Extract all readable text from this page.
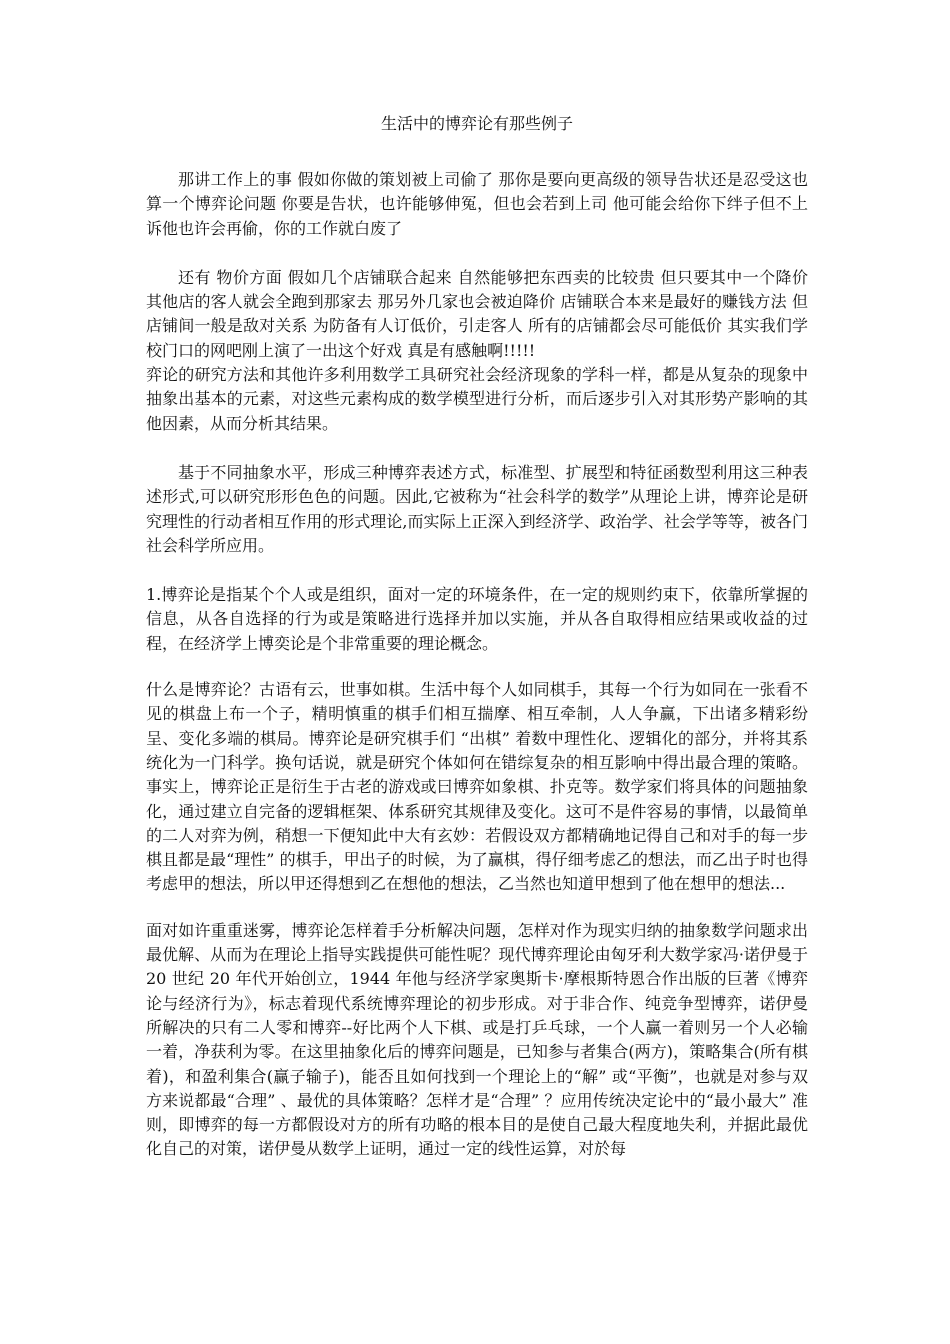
生活中的博弈论有那些例子

那讲工作上的事 假如你做的策划被上司偷了 那你是要向更高级的领导告状还是忍受这也算一个博弈论问题 你要是告状，也许能够伸冤，但也会若到上司 他可能会给你下绊子但不上诉他也许会再偷，你的工作就白废了

还有 物价方面 假如几个店铺联合起来 自然能够把东西卖的比较贵 但只要其中一个降价 其他店的客人就会全跑到那家去 那另外几家也会被迫降价 店铺联合本来是最好的赚钱方法 但店铺间一般是敌对关系 为防备有人订低价，引走客人 所有的店铺都会尽可能低价 其实我们学校门口的网吧刚上演了一出这个好戏 真是有感触啊!!!!!

弈论的研究方法和其他许多利用数学工具研究社会经济现象的学科一样，都是从复杂的现象中抽象出基本的元素，对这些元素构成的数学模型进行分析，而后逐步引入对其形势产影响的其他因素，从而分析其结果。

基于不同抽象水平，形成三种博弈表述方式，标准型、扩展型和特征函数型利用这三种表述形式,可以研究形形色色的问题。因此,它被称为“社会科学的数学”从理论上讲，博弈论是研究理性的行动者相互作用的形式理论,而实际上正深入到经济学、政治学、社会学等等，被各门社会科学所应用。

1.博弈论是指某个个人或是组织，面对一定的环境条件，在一定的规则约束下，依靠所掌握的信息，从各自选择的行为或是策略进行选择并加以实施，并从各自取得相应结果或收益的过程，在经济学上博奕论是个非常重要的理论概念。

什么是博弈论？古语有云，世事如棋。生活中每个人如同棋手，其每一个行为如同在一张看不见的棋盘上布一个子，精明慎重的棋手们相互揣摩、相互牵制，人人争赢，下出诸多精彩纷呈、变化多端的棋局。博弈论是研究棋手们 “出棋” 着数中理性化、逻辑化的部分，并将其系统化为一门科学。换句话说，就是研究个体如何在错综复杂的相互影响中得出最合理的策略。事实上，博弈论正是衍生于古老的游戏或曰博弈如象棋、扑克等。数学家们将具体的问题抽象化，通过建立自完备的逻辑框架、体系研究其规律及变化。这可不是件容易的事情，以最简单的二人对弈为例，稍想一下便知此中大有玄妙：若假设双方都精确地记得自己和对手的每一步棋且都是最“理性” 的棋手，甲出子的时候，为了赢棋，得仔细考虑乙的想法，而乙出子时也得考虑甲的想法，所以甲还得想到乙在想他的想法，乙当然也知道甲想到了他在想甲的想法...

面对如许重重迷雾，博弈论怎样着手分析解决问题，怎样对作为现实归纳的抽象数学问题求出最优解、从而为在理论上指导实践提供可能性呢？现代博弈理论由匈牙利大数学家冯·诺伊曼于 20 世纪 20 年代开始创立，1944 年他与经济学家奥斯卡·摩根斯特恩合作出版的巨著《博弈论与经济行为》，标志着现代系统博弈理论的初步形成。对于非合作、纯竞争型博弈，诺伊曼所解决的只有二人零和博弈--好比两个人下棋、或是打乒乓球，一个人赢一着则另一个人必输一着，净获利为零。在这里抽象化后的博弈问题是，已知参与者集合(两方)，策略集合(所有棋着)，和盈利集合(赢子输子)，能否且如何找到一个理论上的“解” 或“平衡”，也就是对参与双方来说都最“合理” 、最优的具体策略？怎样才是“合理” ？应用传统决定论中的“最小最大” 准则，即博弈的每一方都假设对方的所有功略的根本目的是使自己最大程度地失利，并据此最优化自己的对策，诺伊曼从数学上证明，通过一定的线性运算，对於每
